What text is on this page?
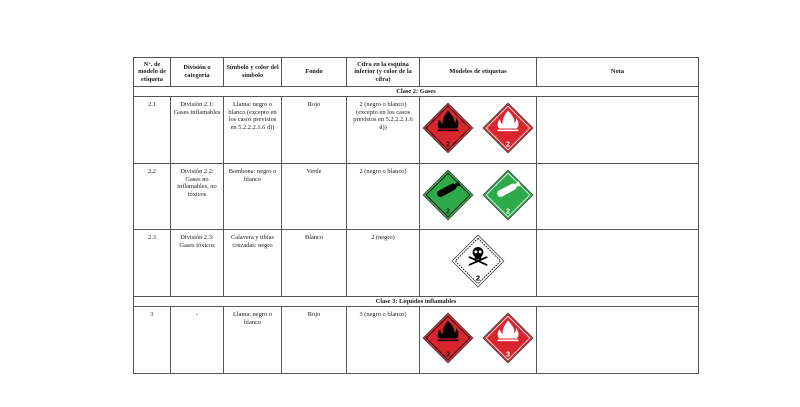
N°. de modelo de etiqueta	División o categoría	Símbolo y color del símbolo	Fondo	Cifra en la esquina inferior (y color de la cifra)	Modelos de etiquetas	Nota
Clase 2: Gases						
2.1	División 2.1: Gases inflamables	Llama: negro o blanco (excepto en los casos previstos en 5.2.2.2.1.6 d))	Rojo	2 (negro o blanco) (excepto en los casos previstos en 5.2.2.2.1.6 d))	2 2	

2.2	División 2.2: Gases no inflamables, no tóxicos	Bombona: negro o blanco	Verde	2 (negro o blanco)	2 2	

2.3	División 2.3: Gases tóxicos	Calavera y tibias cruzadas: negro	Blanco	2 (negro)	2	

Clase 3: Líquidos inflamables						
3	-	Llama: negro o blanco	Rojo	3 (negro o blanco)	3 3	
